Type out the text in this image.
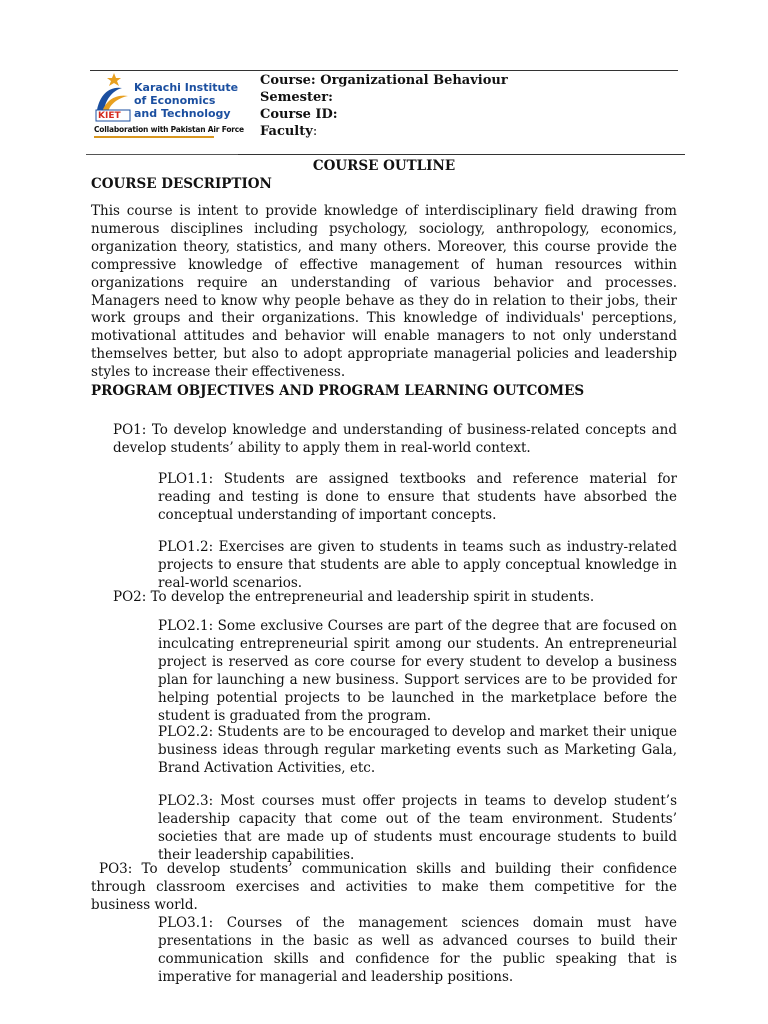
KIET
Karachi Institute
of Economics
and Technology
Collaboration with Pakistan Air Force
Course: Organizational Behaviour
Semester:
Course ID:
Faculty:
COURSE OUTLINE
COURSE DESCRIPTION
This course is intent to provide knowledge of interdisciplinary field drawing from numerous disciplines including psychology, sociology, anthropology, economics, organization theory, statistics, and many others. Moreover, this course provide the compressive knowledge of effective management of human resources within organizations require an understanding of various behavior and processes. Managers need to know why people behave as they do in relation to their jobs, their work groups and their organizations. This knowledge of individuals' perceptions, motivational attitudes and behavior will enable managers to not only understand themselves better, but also to adopt appropriate managerial policies and leadership styles to increase their effectiveness.
PROGRAM OBJECTIVES AND PROGRAM LEARNING OUTCOMES
PO1: To develop knowledge and understanding of business-related concepts and develop students’ ability to apply them in real-world context.
PLO1.1: Students are assigned textbooks and reference material for reading and testing is done to ensure that students have absorbed the conceptual understanding of important concepts.
PLO1.2: Exercises are given to students in teams such as industry-related projects to ensure that students are able to apply conceptual knowledge in real-world scenarios.
PO2: To develop the entrepreneurial and leadership spirit in students.
PLO2.1: Some exclusive Courses are part of the degree that are focused on inculcating entrepreneurial spirit among our students. An entrepreneurial project is reserved as core course for every student to develop a business plan for launching a new business. Support services are to be provided for helping potential projects to be launched in the marketplace before the student is graduated from the program.
PLO2.2: Students are to be encouraged to develop and market their unique business ideas through regular marketing events such as Marketing Gala, Brand Activation Activities, etc.
PLO2.3: Most courses must offer projects in teams to develop student’s leadership capacity that come out of the team environment. Students’ societies that are made up of students must encourage students to build their leadership capabilities.
PO3: To develop students’ communication skills and building their confidence through classroom exercises and activities to make them competitive for the business world.
PLO3.1: Courses of the management sciences domain must have presentations in the basic as well as advanced courses to build their communication skills and confidence for the public speaking that is imperative for managerial and leadership positions.
